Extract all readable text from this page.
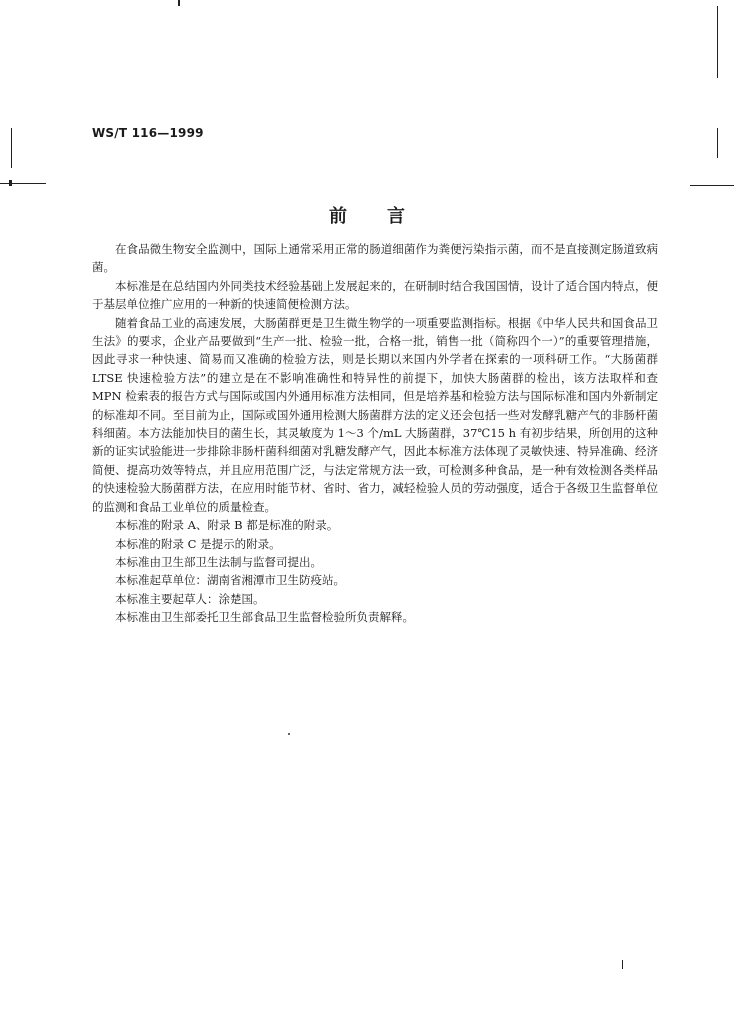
WS/T 116—1999
前 言

在食品微生物安全监测中，国际上通常采用正常的肠道细菌作为粪便污染指示菌，而不是直接测定肠道致病菌。

本标准是在总结国内外同类技术经验基础上发展起来的，在研制时结合我国国情，设计了适合国内特点，便于基层单位推广应用的一种新的快速简便检测方法。

随着食品工业的高速发展，大肠菌群更是卫生微生物学的一项重要监测指标。根据《中华人民共和国食品卫生法》的要求，企业产品要做到“生产一批、检验一批，合格一批，销售一批（简称四个一）”的重要管理措施，因此寻求一种快速、简易而又准确的检验方法，则是长期以来国内外学者在探索的一项科研工作。“大肠菌群 LTSE 快速检验方法”的建立是在不影响准确性和特异性的前提下，加快大肠菌群的检出，该方法取样和查 MPN 检索表的报告方式与国际或国内外通用标准方法相同，但是培养基和检验方法与国际标准和国内外新制定的标准却不同。至目前为止，国际或国外通用检测大肠菌群方法的定义还会包括一些对发酵乳糖产气的非肠杆菌科细菌。本方法能加快目的菌生长，其灵敏度为 1～3 个/mL 大肠菌群，37℃15 h 有初步结果，所创用的这种新的证实试验能进一步排除非肠杆菌科细菌对乳糖发酵产气，因此本标准方法体现了灵敏快速、特异准确、经济简便、提高功效等特点，并且应用范围广泛，与法定常规方法一致，可检测多种食品，是一种有效检测各类样品的快速检验大肠菌群方法，在应用时能节材、省时、省力，减轻检验人员的劳动强度，适合于各级卫生监督单位的监测和食品工业单位的质量检查。

本标准的附录 A、附录 B 都是标准的附录。

本标准的附录 C 是提示的附录。

本标准由卫生部卫生法制与监督司提出。

本标准起草单位：湖南省湘潭市卫生防疫站。

本标准主要起草人：涂楚国。

本标准由卫生部委托卫生部食品卫生监督检验所负责解释。
